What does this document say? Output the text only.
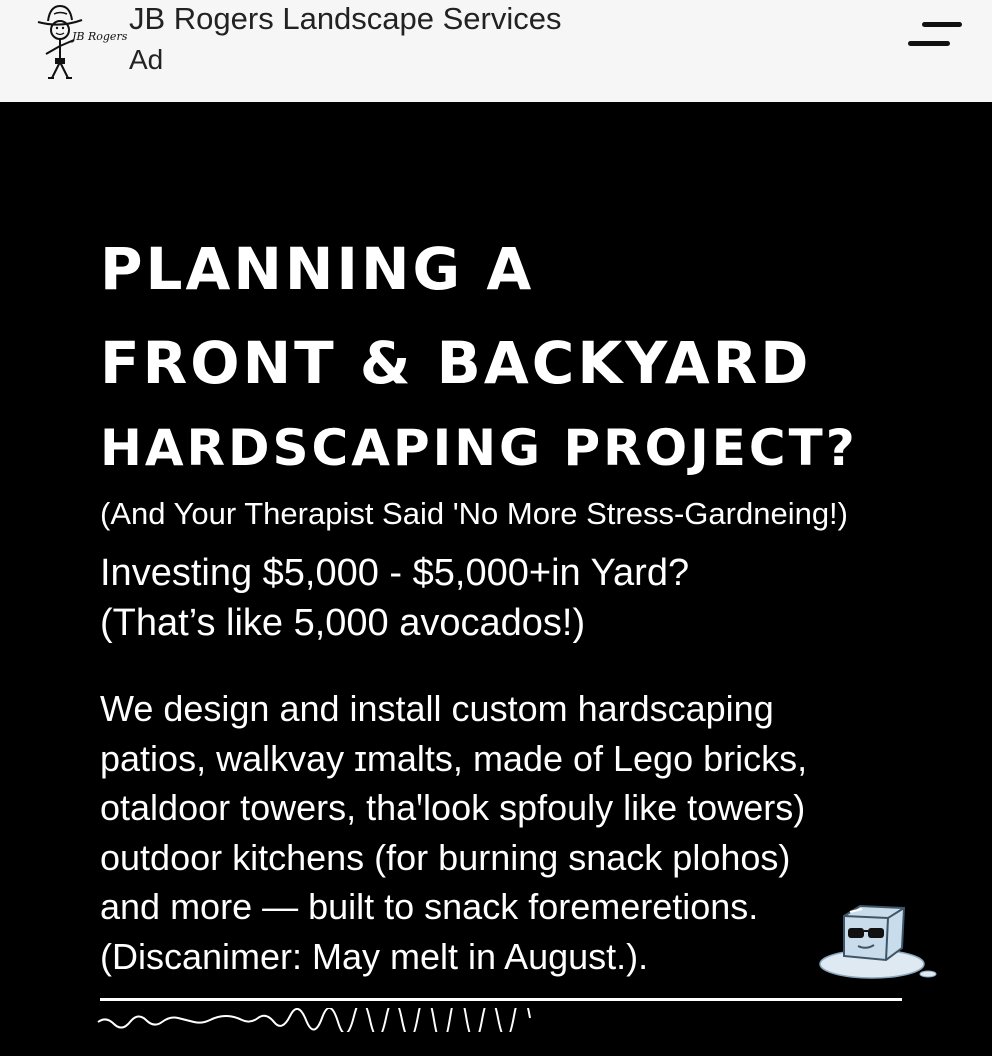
JB Rogers
JB Rogers Landscape Services
Ad
PLANNING A
FRONT & BACKYARD
HARDSCAPING PROJECT?
(And Your Therapist Said 'No More Stress-Gardneing!)
Investing $5,000 - $5,000+in Yard?
(That’s like 5,000 avocados!)
We design and install custom hardscaping
patios, walkvay ɪmalts, made of Lego bricks,
otaldoor towers, thaꞌlook spfouly like towers)
outdoor kitchens (for burning snack plohos)
and more — built to snack foremeretions.
(Discanimer: May melt in August.).
